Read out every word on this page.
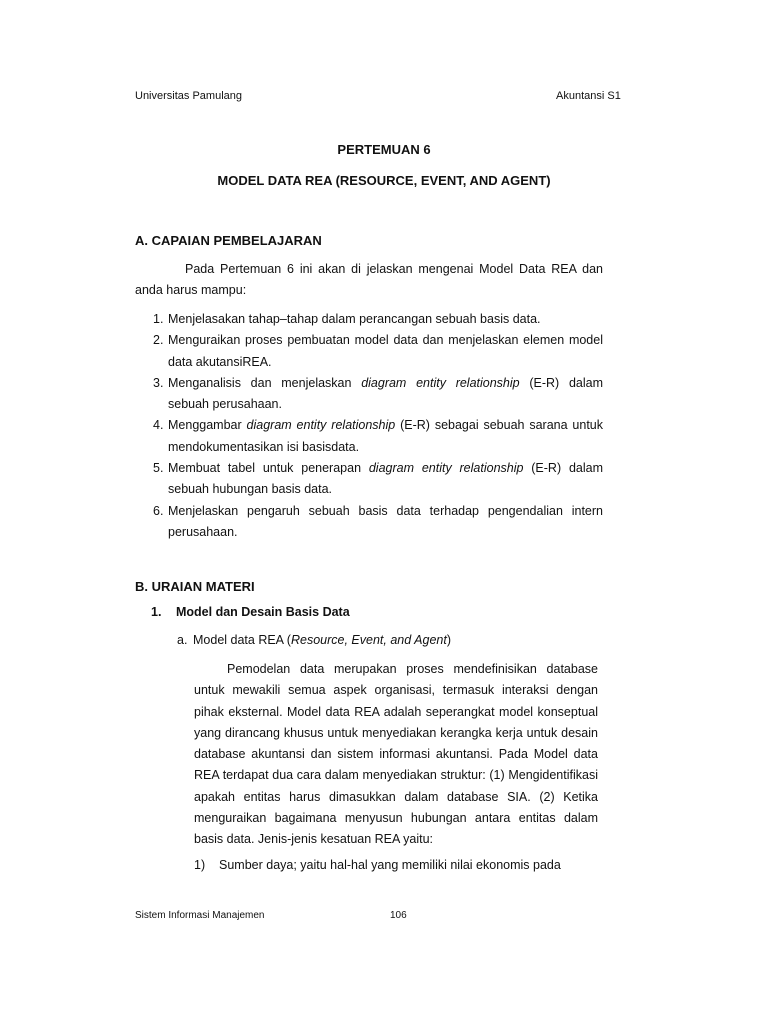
Universitas Pamulang	Akuntansi S1
PERTEMUAN 6
MODEL DATA REA (RESOURCE, EVENT, AND AGENT)
A. CAPAIAN PEMBELAJARAN
Pada Pertemuan 6 ini akan di jelaskan mengenai Model Data REA dan anda harus mampu:
1. Menjelasakan tahap–tahap dalam perancangan sebuah basis data.
2. Menguraikan proses pembuatan model data dan menjelaskan elemen model data akutansiREA.
3. Menganalisis dan menjelaskan diagram entity relationship (E-R) dalam sebuah perusahaan.
4. Menggambar diagram entity relationship (E-R) sebagai sebuah sarana untuk mendokumentasikan isi basisdata.
5. Membuat tabel untuk penerapan diagram entity relationship (E-R) dalam sebuah hubungan basis data.
6. Menjelaskan pengaruh sebuah basis data terhadap pengendalian intern perusahaan.
B. URAIAN MATERI
1. Model dan Desain Basis Data
a. Model data REA (Resource, Event, and Agent)
Pemodelan data merupakan proses mendefinisikan database untuk mewakili semua aspek organisasi, termasuk interaksi dengan pihak eksternal. Model data REA adalah seperangkat model konseptual yang dirancang khusus untuk menyediakan kerangka kerja untuk desain database akuntansi dan sistem informasi akuntansi. Pada Model data REA terdapat dua cara dalam menyediakan struktur: (1) Mengidentifikasi apakah entitas harus dimasukkan dalam database SIA. (2) Ketika menguraikan bagaimana menyusun hubungan antara entitas dalam basis data. Jenis-jenis kesatuan REA yaitu:
1) Sumber daya; yaitu hal-hal yang memiliki nilai ekonomis pada
Sistem Informasi Manajemen	106
